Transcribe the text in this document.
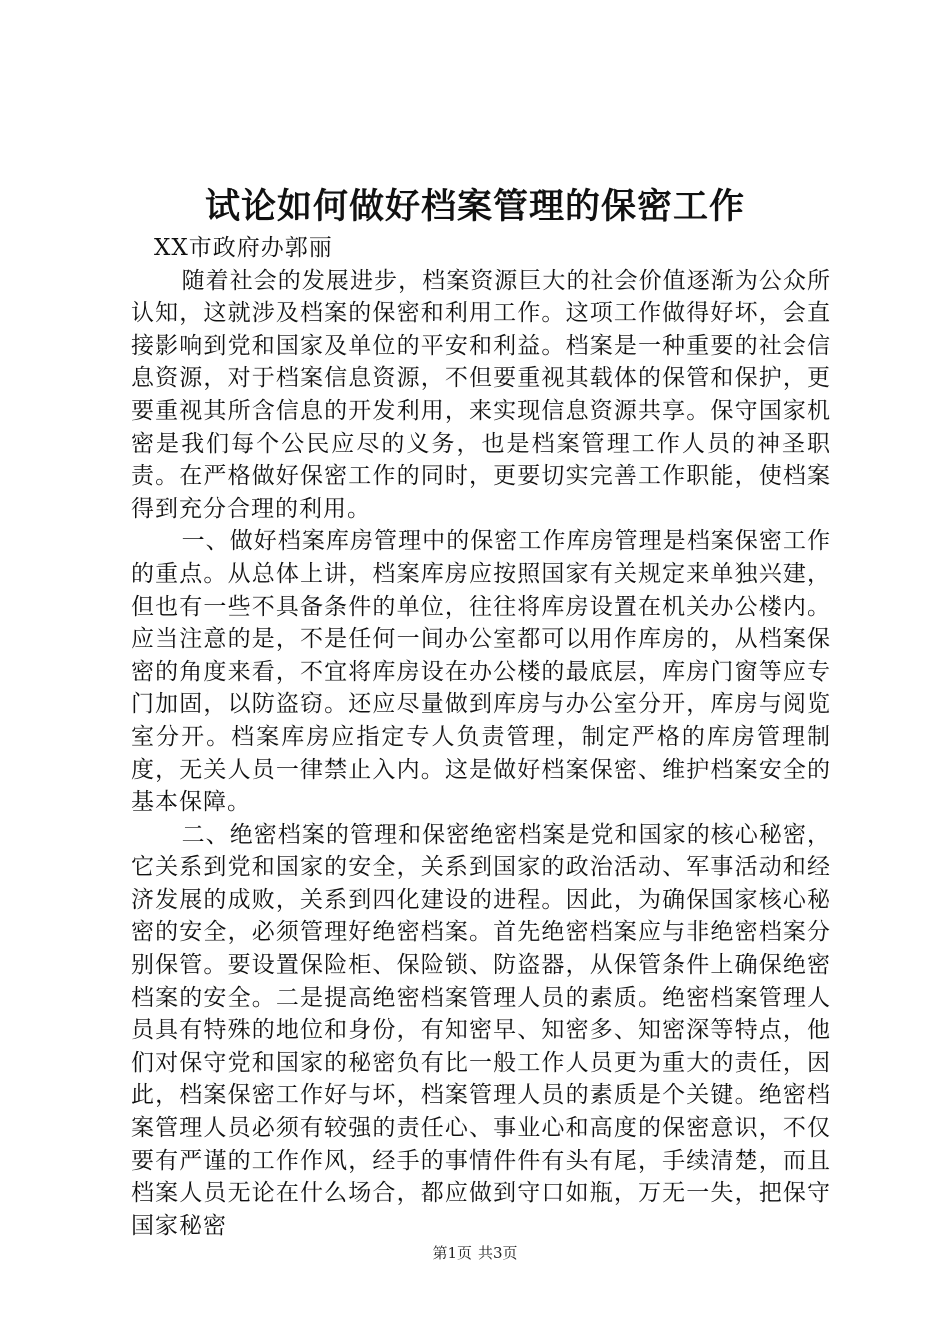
试论如何做好档案管理的保密工作

XX市政府办郭丽

随着社会的发展进步，档案资源巨大的社会价值逐渐为公众所认知，这就涉及档案的保密和利用工作。这项工作做得好坏，会直接影响到党和国家及单位的平安和利益。档案是一种重要的社会信息资源，对于档案信息资源，不但要重视其载体的保管和保护，更要重视其所含信息的开发利用，来实现信息资源共享。保守国家机密是我们每个公民应尽的义务，也是档案管理工作人员的神圣职责。在严格做好保密工作的同时，更要切实完善工作职能，使档案得到充分合理的利用。

一、做好档案库房管理中的保密工作库房管理是档案保密工作的重点。从总体上讲，档案库房应按照国家有关规定来单独兴建，但也有一些不具备条件的单位，往往将库房设置在机关办公楼内。应当注意的是，不是任何一间办公室都可以用作库房的，从档案保密的角度来看，不宜将库房设在办公楼的最底层，库房门窗等应专门加固，以防盗窃。还应尽量做到库房与办公室分开，库房与阅览室分开。档案库房应指定专人负责管理，制定严格的库房管理制度，无关人员一律禁止入内。这是做好档案保密、维护档案安全的基本保障。

二、绝密档案的管理和保密绝密档案是党和国家的核心秘密，它关系到党和国家的安全，关系到国家的政治活动、军事活动和经济发展的成败，关系到四化建设的进程。因此，为确保国家核心秘密的安全，必须管理好绝密档案。首先绝密档案应与非绝密档案分别保管。要设置保险柜、保险锁、防盗器，从保管条件上确保绝密档案的安全。二是提高绝密档案管理人员的素质。绝密档案管理人员具有特殊的地位和身份，有知密早、知密多、知密深等特点，他们对保守党和国家的秘密负有比一般工作人员更为重大的责任，因此，档案保密工作好与坏，档案管理人员的素质是个关键。绝密档案管理人员必须有较强的责任心、事业心和高度的保密意识，不仅要有严谨的工作作风，经手的事情件件有头有尾，手续清楚，而且档案人员无论在什么场合，都应做到守口如瓶，万无一失，把保守国家秘密

第1页 共3页
